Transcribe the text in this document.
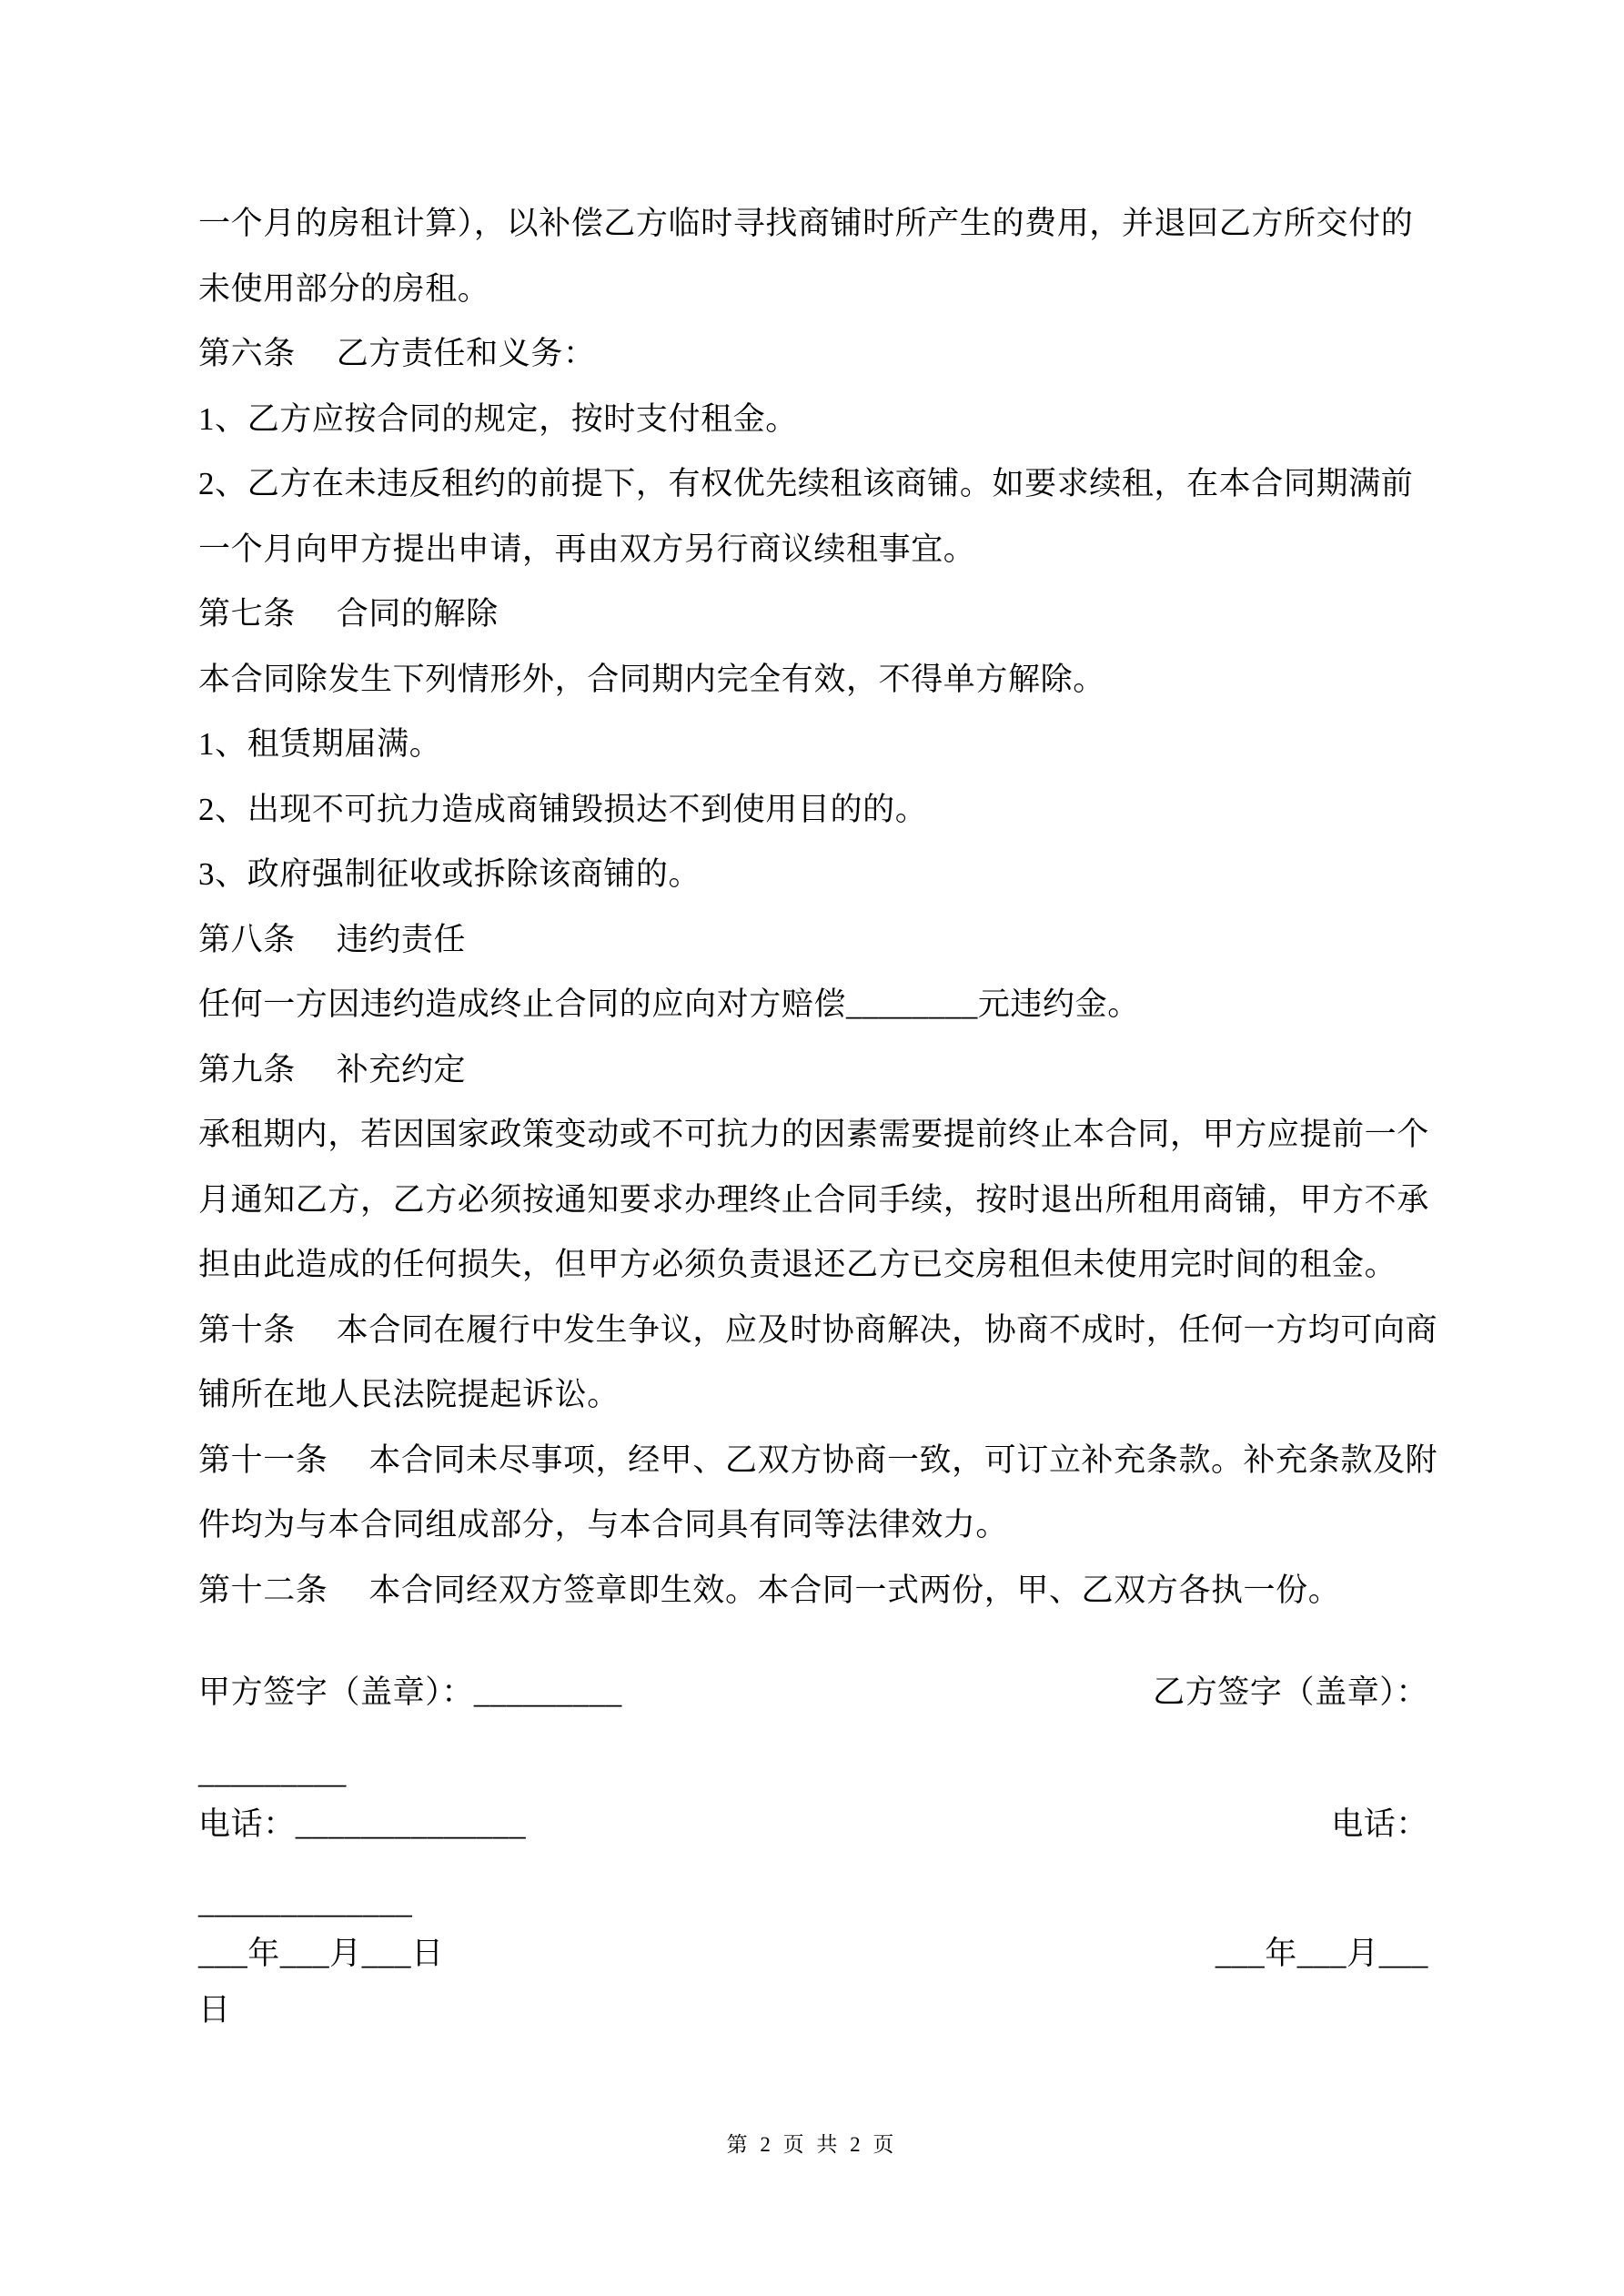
一个月的房租计算），以补偿乙方临时寻找商铺时所产生的费用，并退回乙方所交付的
未使用部分的房租。
第六条　 乙方责任和义务：
1、乙方应按合同的规定，按时支付租金。
2、乙方在未违反租约的前提下，有权优先续租该商铺。如要求续租，在本合同期满前
一个月向甲方提出申请，再由双方另行商议续租事宜。
第七条　 合同的解除
本合同除发生下列情形外，合同期内完全有效，不得单方解除。
1、租赁期届满。
2、出现不可抗力造成商铺毁损达不到使用目的的。
3、政府强制征收或拆除该商铺的。
第八条　 违约责任
任何一方因违约造成终止合同的应向对方赔偿________元违约金。
第九条　 补充约定
承租期内，若因国家政策变动或不可抗力的因素需要提前终止本合同，甲方应提前一个
月通知乙方，乙方必须按通知要求办理终止合同手续，按时退出所租用商铺，甲方不承
担由此造成的任何损失，但甲方必须负责退还乙方已交房租但未使用完时间的租金。
第十条　 本合同在履行中发生争议，应及时协商解决，协商不成时，任何一方均可向商
铺所在地人民法院提起诉讼。
第十一条　 本合同未尽事项，经甲、乙双方协商一致，可订立补充条款。补充条款及附
件均为与本合同组成部分，与本合同具有同等法律效力。
第十二条　 本合同经双方签章即生效。本合同一式两份，甲、乙双方各执一份。
甲方签字（盖章）：_________	乙方签字（盖章）：
_________
电话：______________	电话：
_____________
___年___月___日	___年___月___
日
第 2 页 共 2 页
